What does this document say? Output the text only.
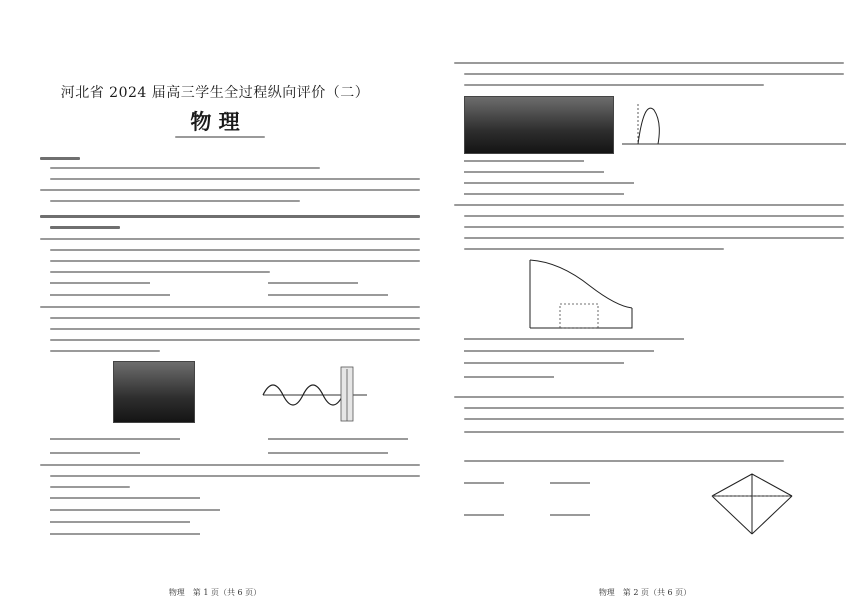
河北省 2024 届高三学生全过程纵向评价（二）
物 理
物理　第 1 页（共 6 页）	物理　第 2 页（共 6 页）
